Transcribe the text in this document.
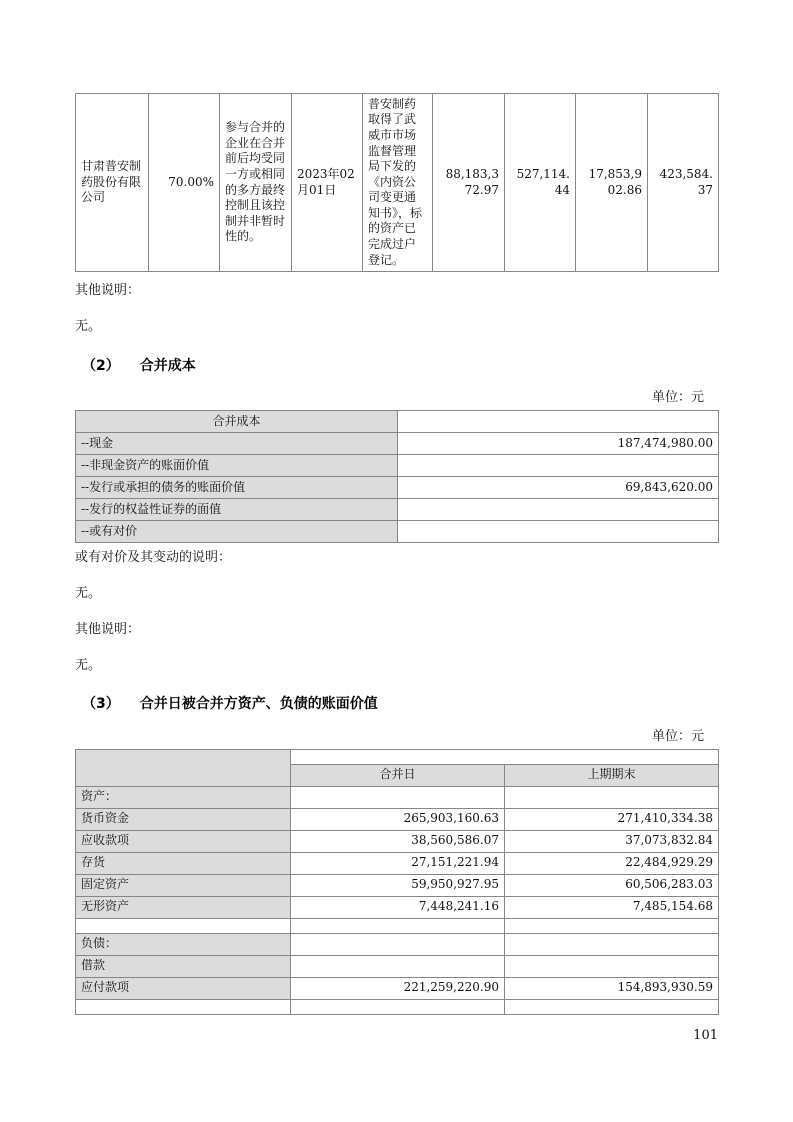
甘肃普安制药股份有限公司	70.00%	参与合并的企业在合并前后均受同一方或相同的多方最终控制且该控制并非暂时性的。	2023年02月01日	普安制药取得了武威市市场监督管理局下发的《内资公司变更通知书》，标的资产已完成过户登记。	88,183,372.97	527,114.44	17,853,902.86	423,584.37

其他说明：

无。

（2） 合并成本
单位：元
合并成本	
--现金	187,474,980.00
--非现金资产的账面价值	
--发行或承担的债务的账面价值	69,843,620.00
--发行的权益性证券的面值	
--或有对价	

或有对价及其变动的说明：

无。

其他说明：

无。

（3） 合并日被合并方资产、负债的账面价值
单位：元

	合并日	上期期末
资产：		
货币资金	265,903,160.63	271,410,334.38
应收款项	38,560,586.07	37,073,832.84
存货	27,151,221.94	22,484,929.29
固定资产	59,950,927.95	60,506,283.03
无形资产	7,448,241.16	7,485,154.68

负债：		
借款		
应付款项	221,259,220.90	154,893,930.59

101
